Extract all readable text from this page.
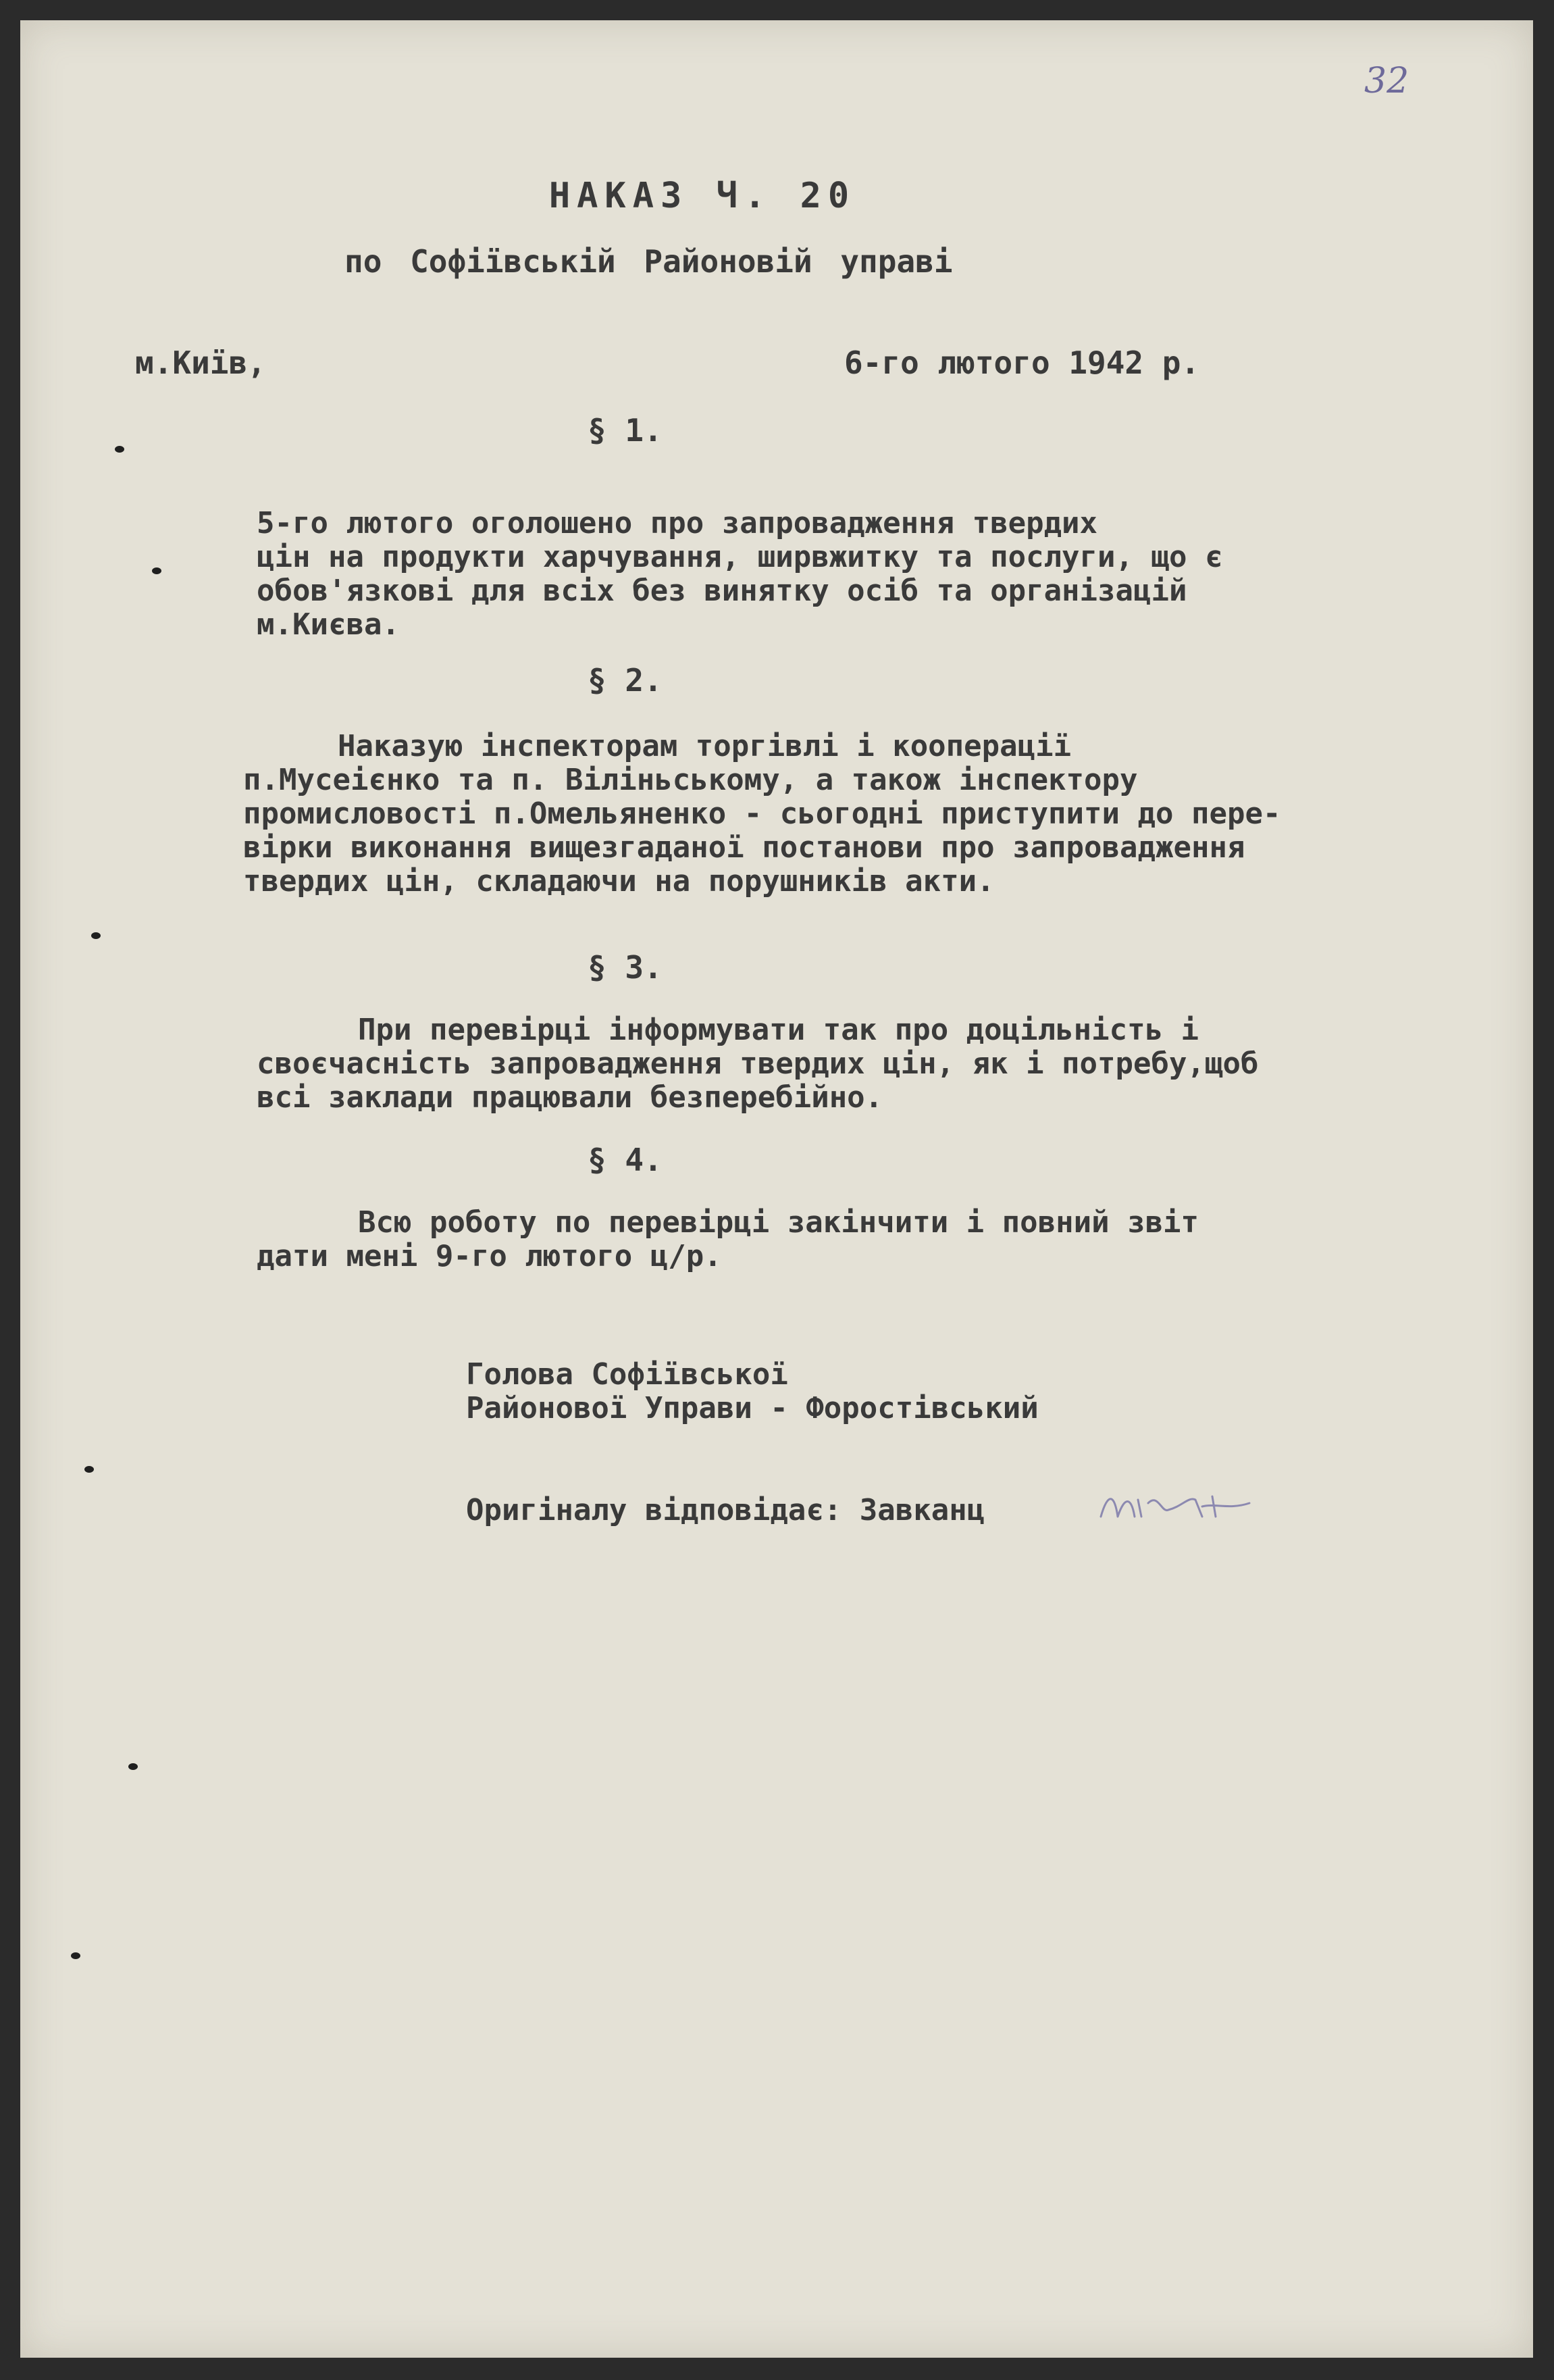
32
НАКАЗ Ч. 20
по Софіївській Районовій управі
м.Київ,	6-го лютого 1942 р.
§ 1.
5-го лютого оголошено про запровадження твердих
цін на продукти харчування, ширвжитку та послуги, що є
обов'язкові для всіх без винятку осіб та організацій
м.Києва.
§ 2.
Наказую інспекторам торгівлі і кооперації
п.Мусеієнко та п. Віліньському, а також інспектору
промисловості п.Омельяненко - сьогодні приступити до пере-
вірки виконання вищезгаданої постанови про запровадження
твердих цін, складаючи на порушників акти.
§ 3.
При перевірці інформувати так про доцільність і
своєчасність запровадження твердих цін, як і потребу,щоб
всі заклади працювали безперебійно.
§ 4.
Всю роботу по перевірці закінчити і повний звіт
дати мені 9-го лютого ц/р.
Голова Софіївської
Районової Управи - Форостівський
Оригіналу відповідає: Завканц
